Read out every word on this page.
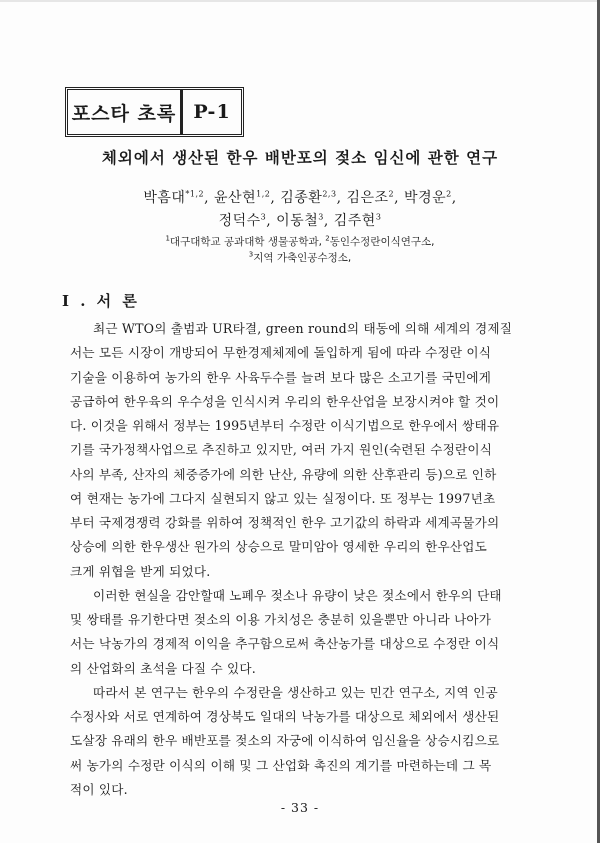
포스타 초록 P-1
체외에서 생산된 한우 배반포의 젖소 임신에 관한 연구
박흠대$^{*1,2}$, 윤산현$^{1,2}$, 김종환$^{2,3}$, 김은조$^2$, 박경운$^2$,
정덕수$^3$, 이동철$^3$, 김주현$^3$
$^1$대구대학교 공과대학 생물공학과, $^2$동인수정란이식연구소,
$^3$지역 가축인공수정소,
I . 서 론
최근 WTO의 출범과 UR타결, green round의 태동에 의해 세계의 경제질
서는 모든 시장이 개방되어 무한경제체제에 돌입하게 됨에 따라 수정란 이식
기술을 이용하여 농가의 한우 사육두수를 늘려 보다 많은 소고기를 국민에게
공급하여 한우육의 우수성을 인식시켜 우리의 한우산업을 보장시켜야 할 것이
다. 이것을 위해서 정부는 1995년부터 수정란 이식기법으로 한우에서 쌍태유
기를 국가정책사업으로 추진하고 있지만, 여러 가지 원인(숙련된 수정란이식
사의 부족, 산자의 체중증가에 의한 난산, 유량에 의한 산후관리 등)으로 인하
여 현재는 농가에 그다지 실현되지 않고 있는 실정이다. 또 정부는 1997년초
부터 국제경쟁력 강화를 위하여 정책적인 한우 고기값의 하락과 세계곡물가의
상승에 의한 한우생산 원가의 상승으로 말미암아 영세한 우리의 한우산업도
크게 위협을 받게 되었다.
이러한 현실을 감안할때 노폐우 젖소나 유량이 낮은 젖소에서 한우의 단태
및 쌍태를 유기한다면 젖소의 이용 가치성은 충분히 있을뿐만 아니라 나아가
서는 낙농가의 경제적 이익을 추구함으로써 축산농가를 대상으로 수정란 이식
의 산업화의 초석을 다질 수 있다.
따라서 본 연구는 한우의 수정란을 생산하고 있는 민간 연구소, 지역 인공
수정사와 서로 연계하여 경상북도 일대의 낙농가를 대상으로 체외에서 생산된
도살장 유래의 한우 배반포를 젖소의 자궁에 이식하여 임신율을 상승시킴으로
써 농가의 수정란 이식의 이해 및 그 산업화 촉진의 계기를 마련하는데 그 목
적이 있다.
- 33 -
